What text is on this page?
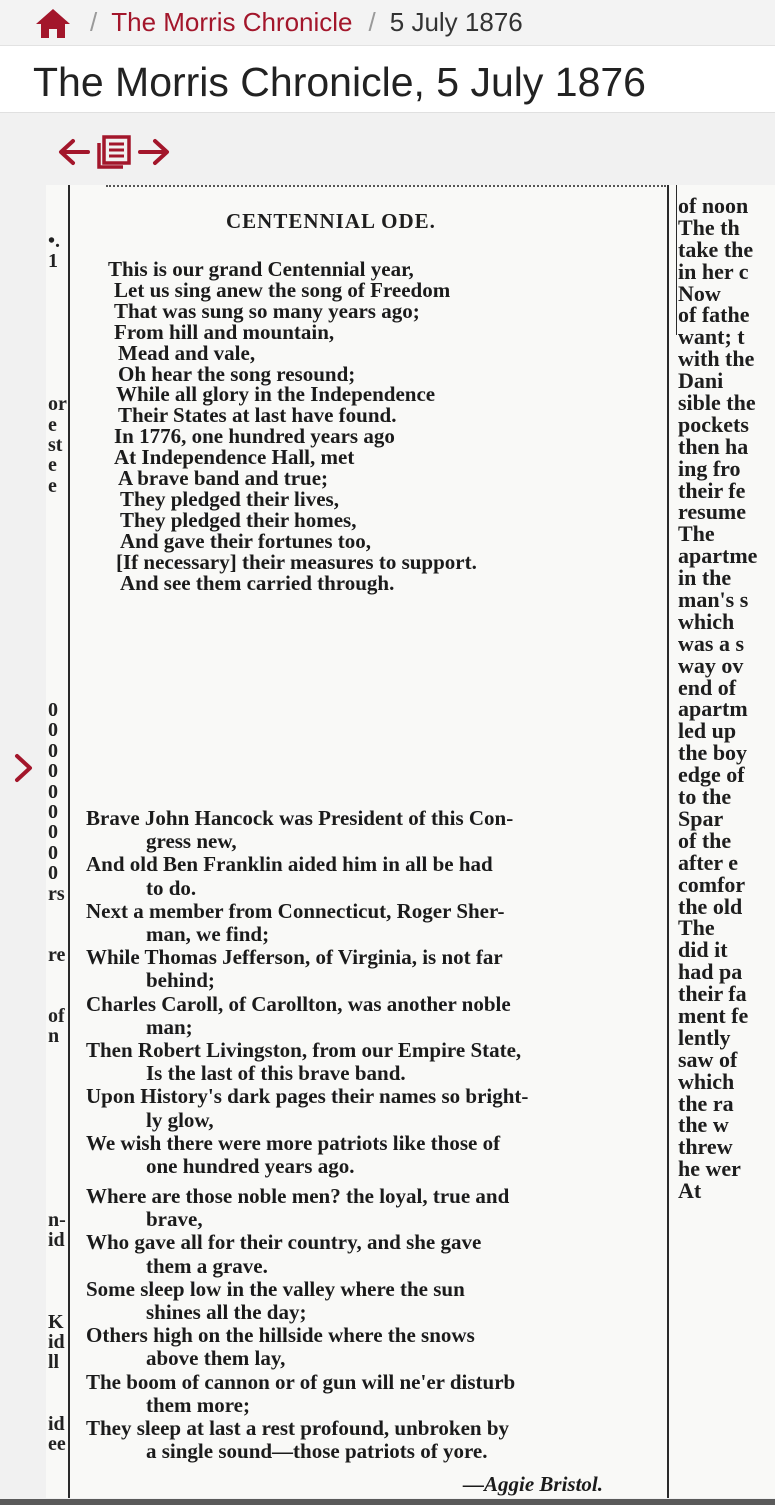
/ The Morris Chronicle / 5 July 1876
The Morris Chronicle, 5 July 1876
•.
1
or
e
st
e
e
0
0
0
0
0
0
0
0
0
rs
re
of
n
n-
id
K
id
ll
id
ee
of noon
The th
take the
in her c
Now
of fathe
want; t
with the
Dani
sible the
pockets
then ha
ing fro
their fe
resume
The
apartme
in the
man's s
which
was a s
way ov
end of
apartm
led up
the boy
edge of
to the
Spar
of the
after e
comfor
the old
The
did it
had pa
their fa
ment fe
lently
saw of
which
the ra
the w
threw
he wer
At
CENTENNIAL ODE.
This is our grand Centennial year,
Let us sing anew the song of Freedom
That was sung so many years ago;
From hill and mountain,
Mead and vale,
Oh hear the song resound;
While all glory in the Independence
Their States at last have found.
In 1776, one hundred years ago
At Independence Hall, met
A brave band and true;
They pledged their lives,
They pledged their homes,
And gave their fortunes too,
[If necessary] their measures to support.
And see them carried through.
Brave John Hancock was President of this Con-
gress new,
And old Ben Franklin aided him in all be had
to do.
Next a member from Connecticut, Roger Sher-
man, we find;
While Thomas Jefferson, of Virginia, is not far
behind;
Charles Caroll, of Carollton, was another noble
man;
Then Robert Livingston, from our Empire State,
Is the last of this brave band.
Upon History's dark pages their names so bright-
ly glow,
We wish there were more patriots like those of
one hundred years ago.
Where are those noble men? the loyal, true and
brave,
Who gave all for their country, and she gave
them a grave.
Some sleep low in the valley where the sun
shines all the day;
Others high on the hillside where the snows
above them lay,
The boom of cannon or of gun will ne'er disturb
them more;
They sleep at last a rest profound, unbroken by
a single sound—those patriots of yore.
—Aggie Bristol.
